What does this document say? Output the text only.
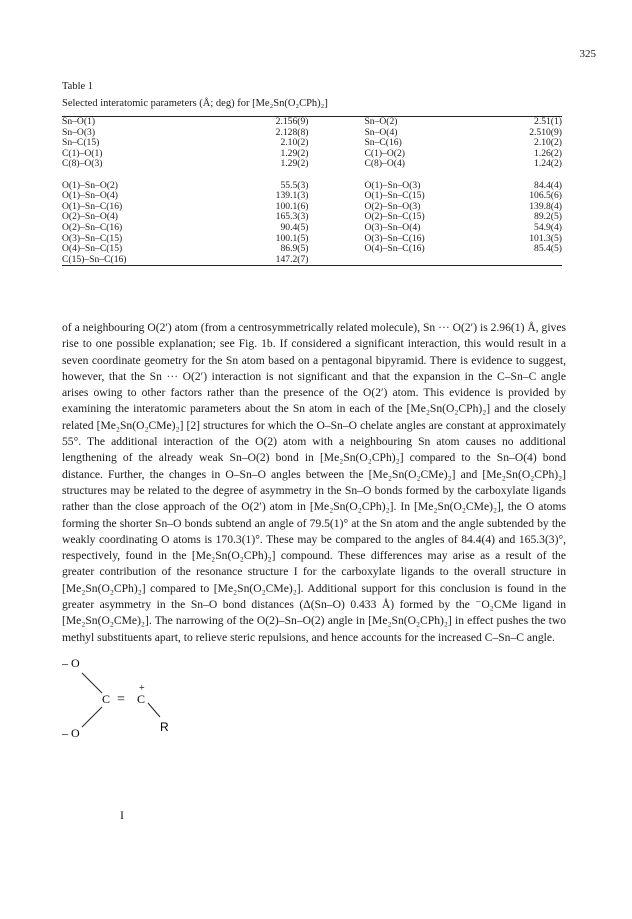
325
Table 1
Selected interatomic parameters (Å; deg) for [Me₂Sn(O₂CPh)₂]
Sn–O(1)	2.156(9)	Sn–O(2)	2.51(1)
Sn–O(3)	2.128(8)	Sn–O(4)	2.510(9)
Sn–C(15)	2.10(2)	Sn–C(16)	2.10(2)
C(1)–O(1)	1.29(2)	C(1)–O(2)	1.26(2)
C(8)–O(3)	1.29(2)	C(8)–O(4)	1.24(2)

O(1)–Sn–O(2)	55.5(3)	O(1)–Sn–O(3)	84.4(4)
O(1)–Sn–O(4)	139.1(3)	O(1)–Sn–C(15)	106.5(6)
O(1)–Sn–C(16)	100.1(6)	O(2)–Sn–O(3)	139.8(4)
O(2)–Sn–O(4)	165.3(3)	O(2)–Sn–C(15)	89.2(5)
O(2)–Sn–C(16)	90.4(5)	O(3)–Sn–O(4)	54.9(4)
O(3)–Sn–C(15)	100.1(5)	O(3)–Sn–C(16)	101.3(5)
O(4)–Sn–C(15)	86.9(5)	O(4)–Sn–C(16)	85.4(5)
C(15)–Sn–C(16)	147.2(7)		

of a neighbouring O(2′) atom (from a centrosymmetrically related molecule), Sn ··· O(2′) is 2.96(1) Å, gives rise to one possible explanation; see Fig. 1b. If considered a significant interaction, this would result in a seven coordinate geometry for the Sn atom based on a pentagonal bipyramid. There is evidence to suggest, however, that the Sn ··· O(2′) interaction is not significant and that the expansion in the C–Sn–C angle arises owing to other factors rather than the presence of the O(2′) atom. This evidence is provided by examining the interatomic parameters about the Sn atom in each of the [Me₂Sn(O₂CPh)₂] and the closely related [Me₂Sn(O₂CMe)₂] [2] structures for which the O–Sn–O chelate angles are constant at approximately 55°. The additional interaction of the O(2) atom with a neighbouring Sn atom causes no additional lengthening of the already weak Sn–O(2) bond in [Me₂Sn(O₂CPh)₂] compared to the Sn–O(4) bond distance. Further, the changes in O–Sn–O angles between the [Me₂Sn(O₂CMe)₂] and [Me₂Sn(O₂CPh)₂] structures may be related to the degree of asymmetry in the Sn–O bonds formed by the carboxylate ligands rather than the close approach of the O(2′) atom in [Me₂Sn(O₂CPh)₂]. In [Me₂Sn(O₂CMe)₂], the O atoms forming the shorter Sn–O bonds subtend an angle of 79.5(1)° at the Sn atom and the angle subtended by the weakly coordinating O atoms is 170.3(1)°. These may be compared to the angles of 84.4(4) and 165.3(3)°, respectively, found in the [Me₂Sn(O₂CPh)₂] compound. These differences may arise as a result of the greater contribution of the resonance structure I for the carboxylate ligands to the overall structure in [Me₂Sn(O₂CPh)₂] compared to [Me₂Sn(O₂CMe)₂]. Additional support for this conclusion is found in the greater asymmetry in the Sn–O bond distances (Δ(Sn–O) 0.433 Å) formed by the ⁻O₂CMe ligand in [Me₂Sn(O₂CMe)₂]. The narrowing of the O(2)–Sn–O(2) angle in [Me₂Sn(O₂CPh)₂] in effect pushes the two methyl substituents apart, to relieve steric repulsions, and hence accounts for the increased C–Sn–C angle.

– O
C = C
+
R
– O
I
